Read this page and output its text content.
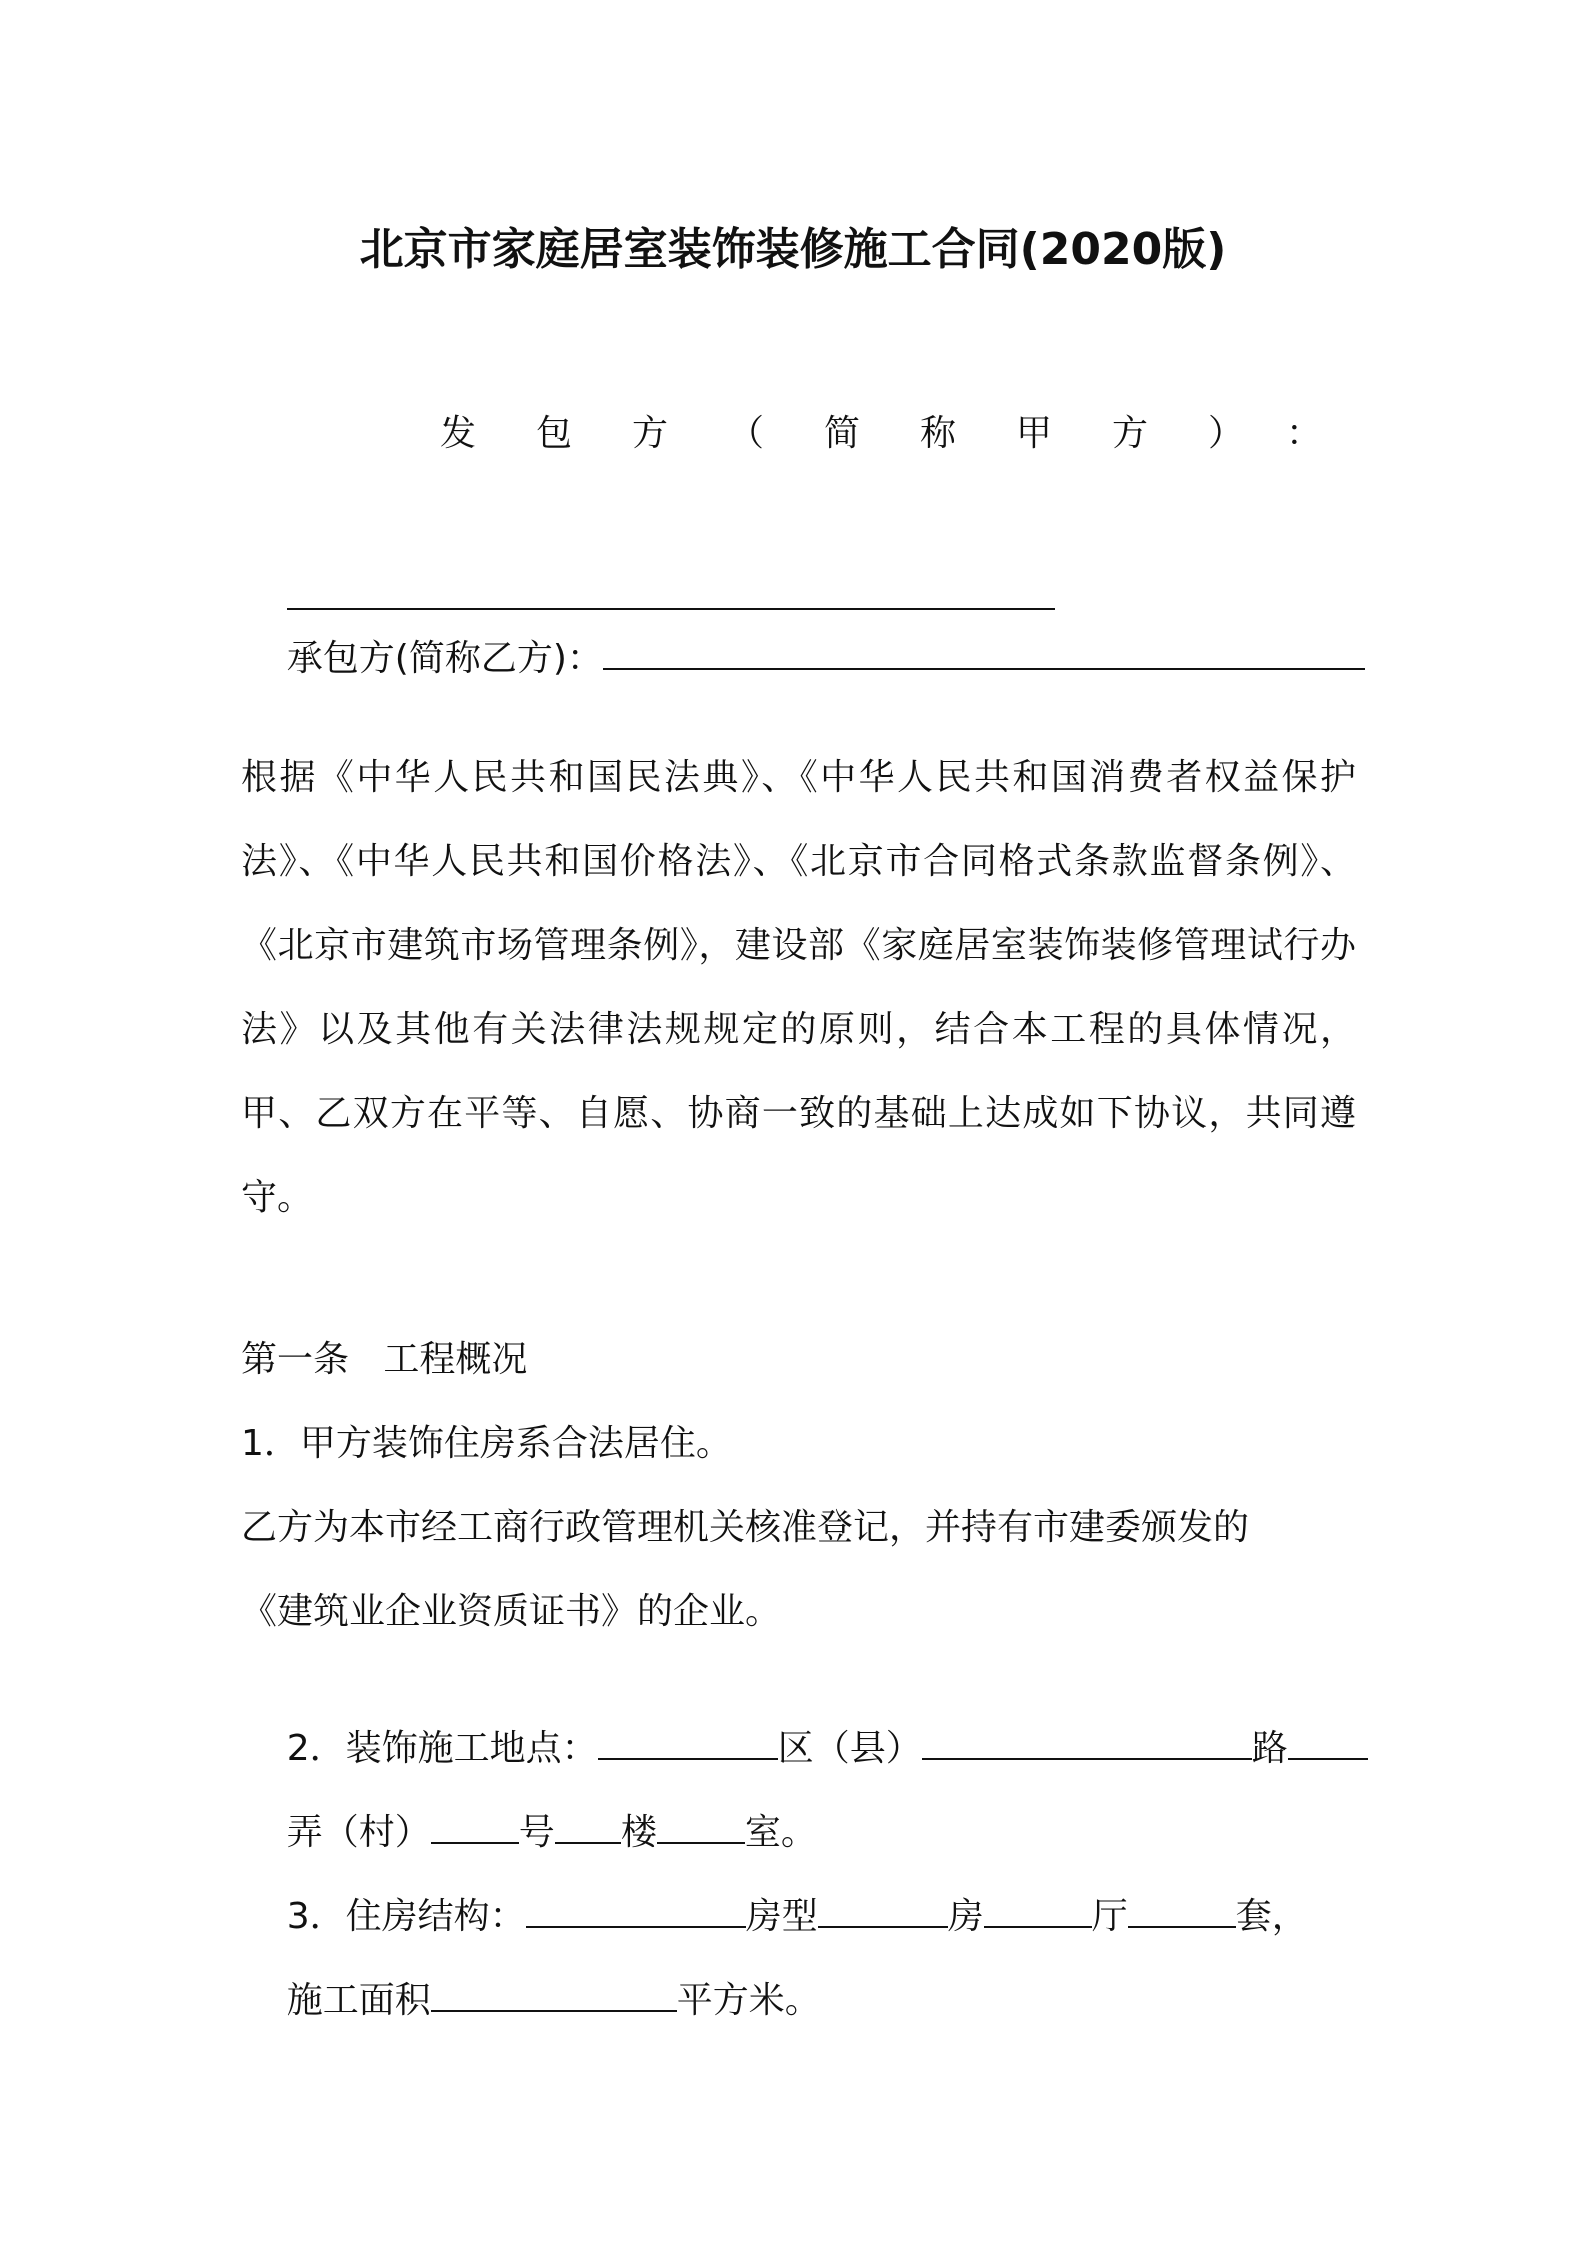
北京市家庭居室装饰装修施工合同(2020版)
发包方（简称甲方）：

承包方(简称乙方)：

根据《中华人民共和国民法典》、《中华人民共和国消费者权益保护法》、《中华人民共和国价格法》、《北京市合同格式条款监督条例》、《北京市建筑市场管理条例》，建设部《家庭居室装饰装修管理试行办法》以及其他有关法律法规规定的原则，结合本工程的具体情况，甲、乙双方在平等、自愿、协商一致的基础上达成如下协议，共同遵守。
第一条   工程概况
1．甲方装饰住房系合法居住。
乙方为本市经工商行政管理机关核准登记，并持有市建委颁发的
《建筑业企业资质证书》的企业。

2．装饰施工地点：	区（县）	路

弄（村） 号 楼 室。

3．住房结构：	房型	房	厅	套，

施工面积	平方米。
